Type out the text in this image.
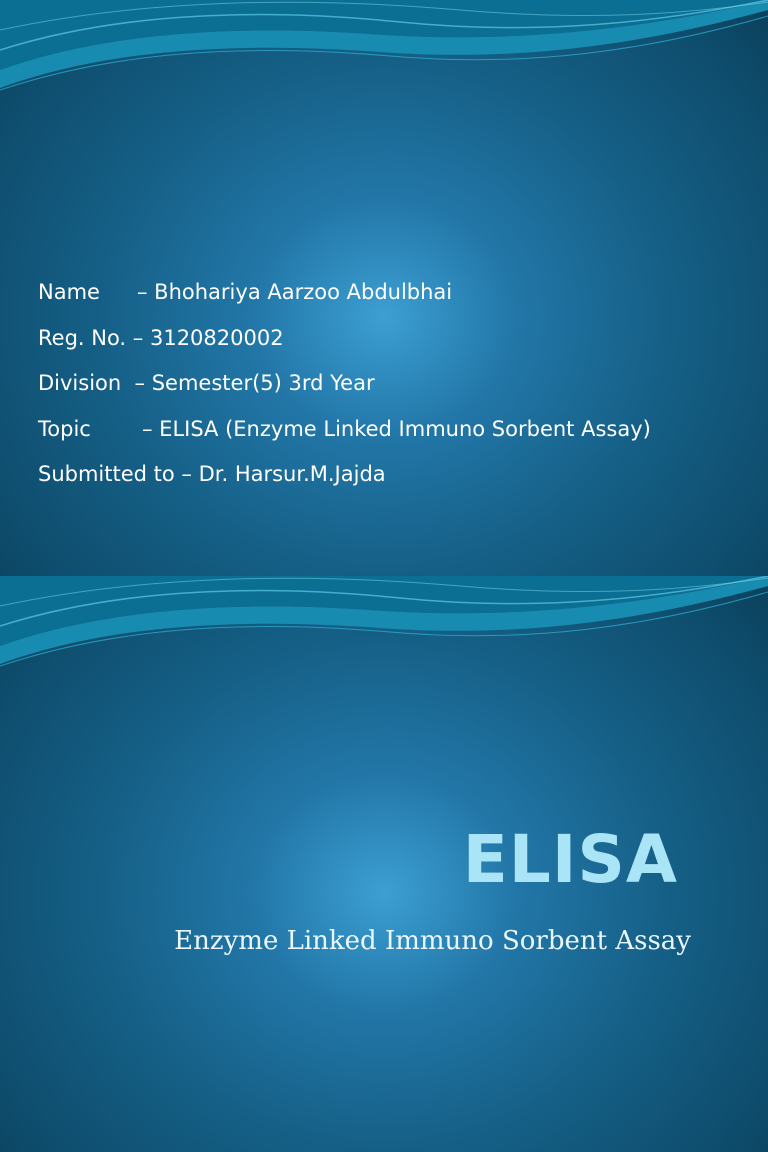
Name – Bhohariya Aarzoo Abdulbhai
Reg. No. – 3120820002
Division  – Semester(5) 3rd Year
Topic – ELISA (Enzyme Linked Immuno Sorbent Assay)
Submitted to – Dr. Harsur.M.Jajda
ELISA

Enzyme Linked Immuno Sorbent Assay
